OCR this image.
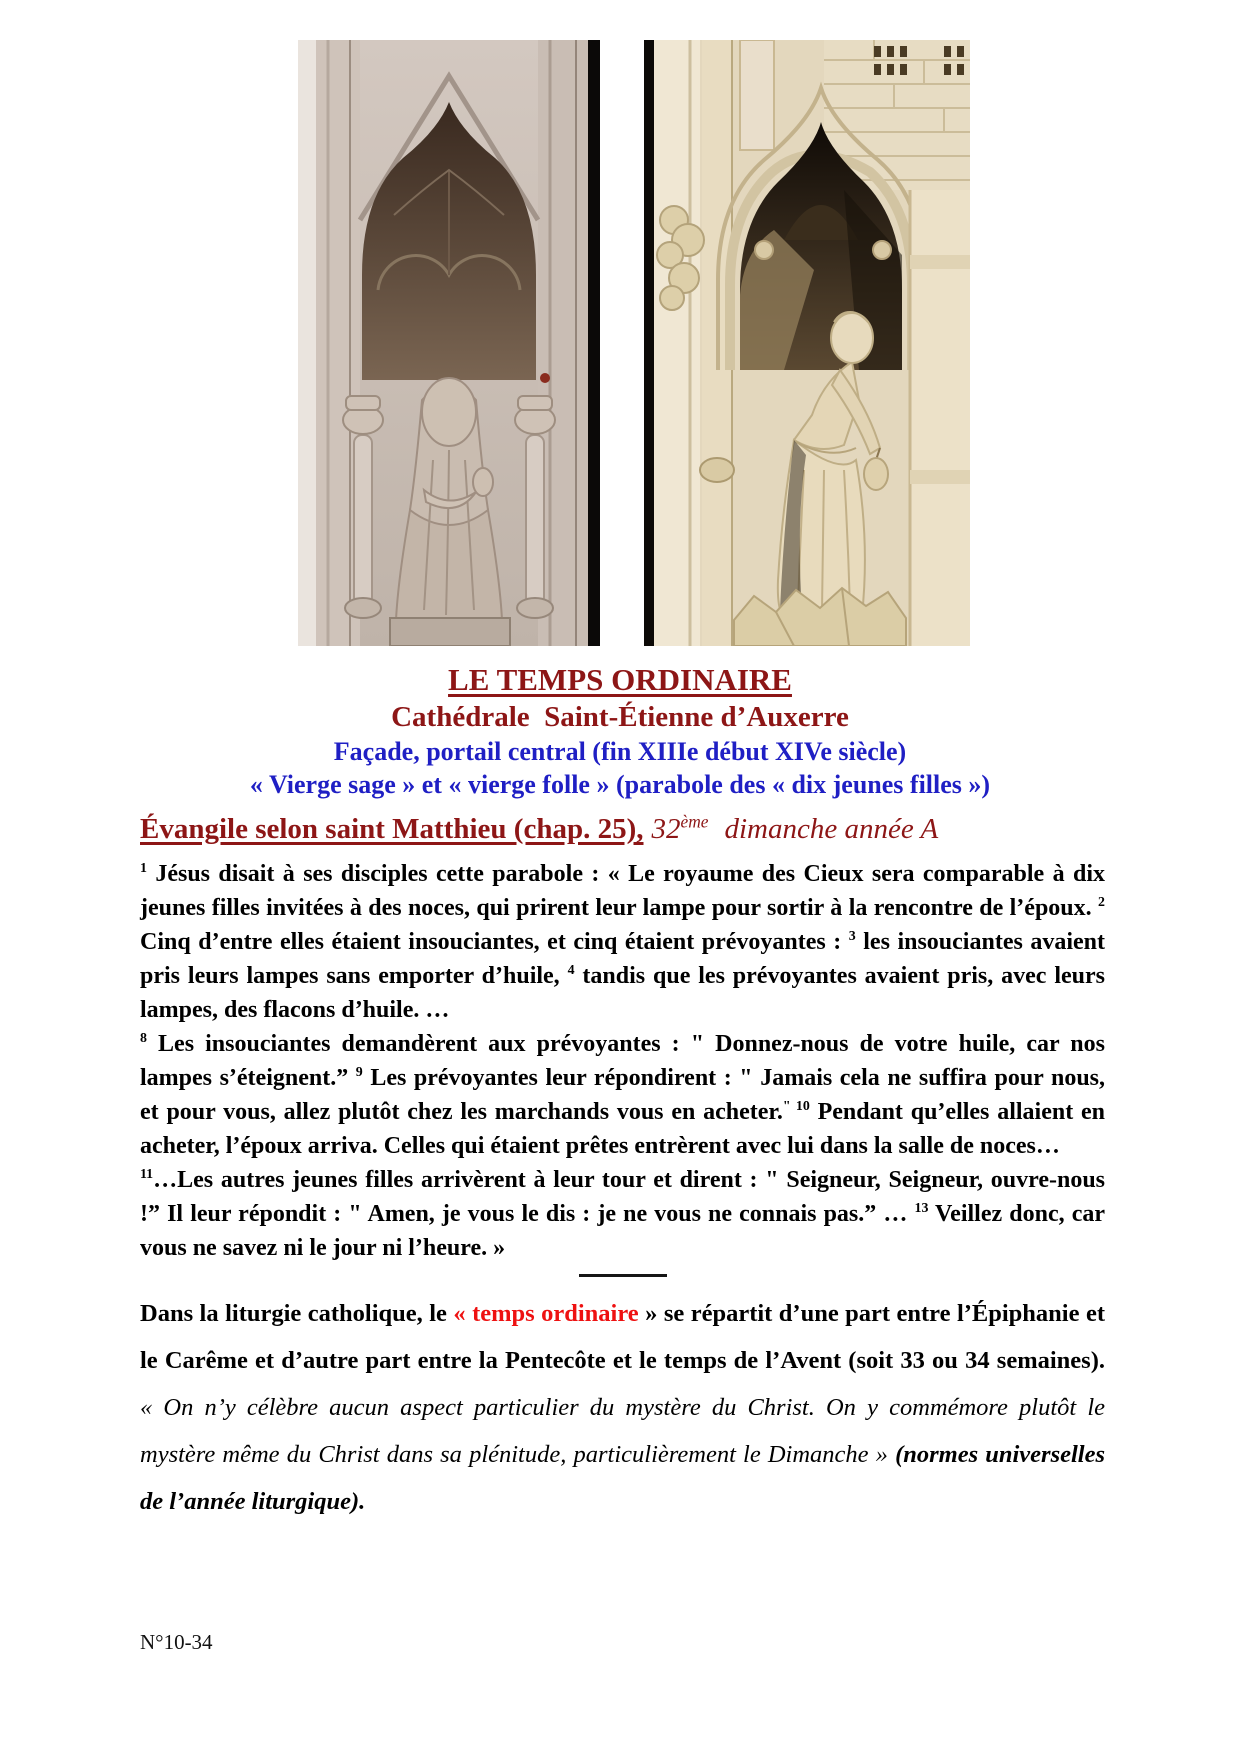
LE TEMPS ORDINAIRE
Cathédrale  Saint-Étienne d’Auxerre
Façade, portail central (fin XIIIe début XIVe siècle)
« Vierge sage » et « vierge folle » (parabole des « dix jeunes filles »)
Évangile selon saint Matthieu (chap. 25), 32ème dimanche année A

$^1$ Jésus disait à ses disciples cette parabole : « Le royaume des Cieux sera comparable à dix jeunes filles invitées à des noces, qui prirent leur lampe pour sortir à la rencontre de l’époux. $^2$ Cinq d’entre elles étaient insouciantes, et cinq étaient prévoyantes : $^3$ les insouciantes avaient pris leurs lampes sans emporter d’huile, $^4$ tandis que les prévoyantes avaient pris, avec leurs lampes, des flacons d’huile. …

$^8$ Les insouciantes demandèrent aux prévoyantes : " Donnez-nous de votre huile, car nos lampes s’éteignent.” $^9$ Les prévoyantes leur répondirent : " Jamais cela ne suffira pour nous, et pour vous, allez plutôt chez les marchands vous en acheter.$^{" 10}$ Pendant qu’elles allaient en acheter, l’époux arriva. Celles qui étaient prêtes entrèrent avec lui dans la salle de noces…

$^{11}$…Les autres jeunes filles arrivèrent à leur tour et dirent : " Seigneur, Seigneur, ouvre-nous !” Il leur répondit : " Amen, je vous le dis : je ne vous ne connais pas.” … $^{13}$ Veillez donc, car vous ne savez ni le jour ni l’heure. »

Dans la liturgie catholique, le « temps ordinaire » se répartit d’une part entre l’Épiphanie et le Carême et d’autre part entre la Pentecôte et le temps de l’Avent (soit 33 ou 34 semaines). « On n’y célèbre aucun aspect particulier du mystère du Christ. On y commémore plutôt le mystère même du Christ dans sa plénitude, particulièrement le Dimanche » (normes universelles de l’année liturgique).

N°10-34
